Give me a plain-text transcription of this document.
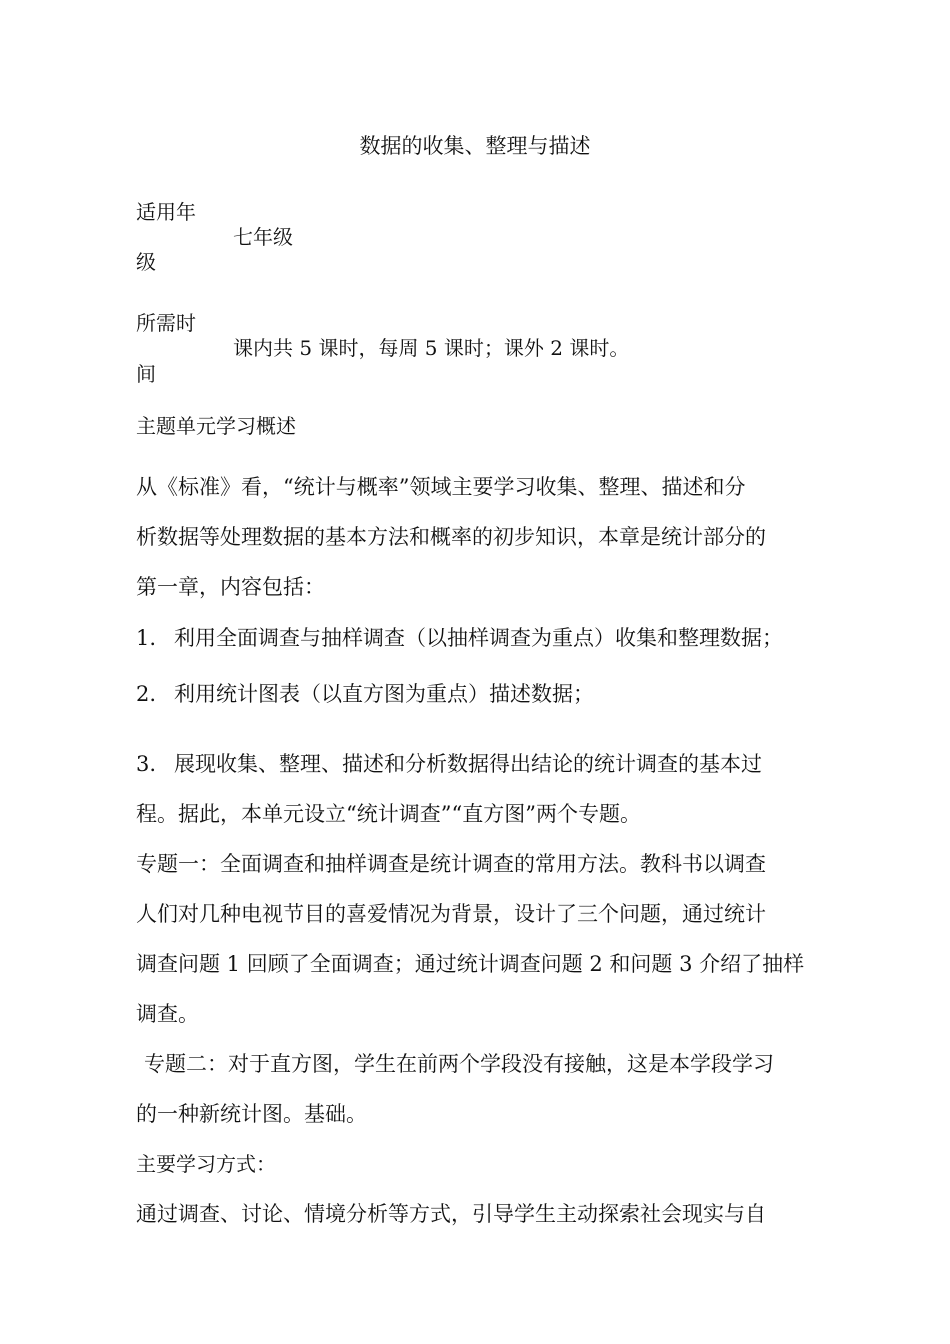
数据的收集、整理与描述
适用年
级
七年级
所需时
间
课内共 5 课时，每周 5 课时；课外 2 课时。
主题单元学习概述
从《标准》看，“统计与概率”领域主要学习收集、整理、描述和分
析数据等处理数据的基本方法和概率的初步知识，本章是统计部分的
第一章，内容包括：
1. 利用全面调查与抽样调查（以抽样调查为重点）收集和整理数据；
2. 利用统计图表（以直方图为重点）描述数据；
3. 展现收集、整理、描述和分析数据得出结论的统计调查的基本过
程。据此，本单元设立“统计调查”“直方图”两个专题。
专题一：全面调查和抽样调查是统计调查的常用方法。教科书以调查
人们对几种电视节目的喜爱情况为背景，设计了三个问题，通过统计
调查问题 1 回顾了全面调查；通过统计调查问题 2 和问题 3 介绍了抽样
调查。
专题二：对于直方图，学生在前两个学段没有接触，这是本学段学习
的一种新统计图。基础。
主要学习方式：
通过调查、讨论、情境分析等方式，引导学生主动探索社会现实与自
